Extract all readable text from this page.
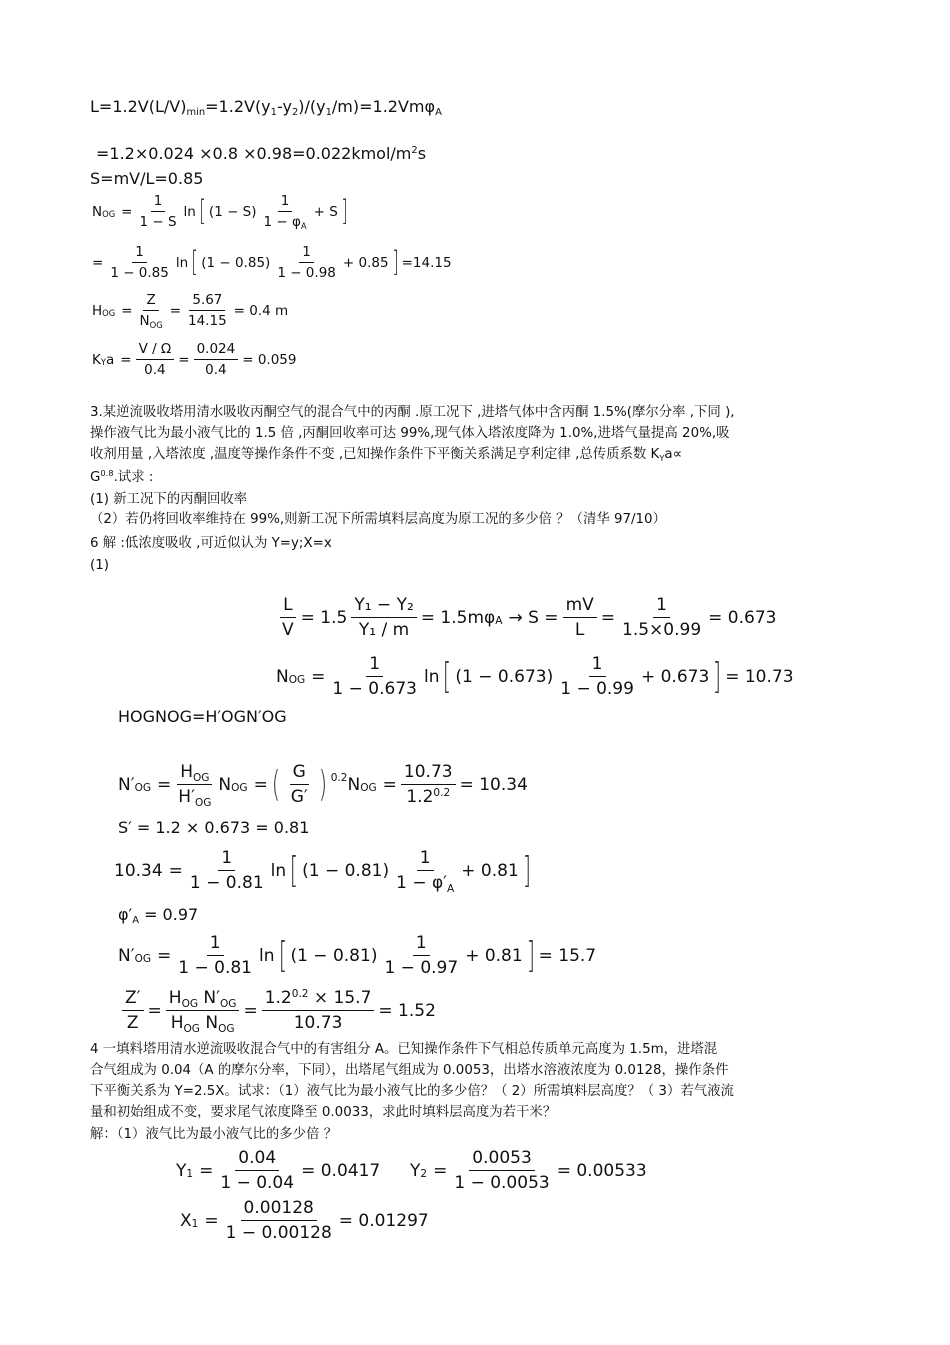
$L=1.2V(L/V)_{min}=1.2V(y_1-y_2)/(y_1/m)=1.2Vm\varphi_A$
$=1.2\times 0.024 \times 0.8 \times 0.98=0.022kmol/m^2s$
S=mV/L=0.85
N OG = $\frac{1}{1 - S}$ ln [ (1 − S ) $\frac{1}{1 - \varphi_A} + S$ ]
= $\frac{1}{1 - 0.85}$ ln [ (1 − 0.85 ) $\frac{1}{1 - 0.98} + 0.85$ ] =14.15
H OG = $\frac{Z}{N_{OG}} = \frac{5.67}{14.15} = 0.4$ m
K Y $a = \frac{V / \Omega}{0.4} = \frac{0.024}{0.4} = 0.059$
3.某逆流吸收塔用清水吸收丙酮空气的混合气中的丙酮 .原工况下 ,进塔气体中含丙酮 1.5%(摩尔分率 ,下同 ),
操作液气比为最小液气比的 1.5 倍 ,丙酮回收率可达 99%,现气体入塔浓度降为 1.0%,进塔气量提高 20%,吸
收剂用量 ,入塔浓度 ,温度等操作条件不变 ,已知操作条件下平衡关系满足亨利定律 ,总传质系数 $K_Ya\propto$
$G^{0.8}$.试求 :
(1) 新工况下的丙酮回收率
（2）若仍将回收率维持在 99%,则新工况下所需填料层高度为原工况的多少倍 ？（清华 97/10）
6 解 :低浓度吸收 ,可近似认为 Y=y;X=x
(1)
$\frac{L}{V} = 1.5 \frac{\text{Y₁ − Y₂}}{\text{Y₁ / m}} = 1.5m\varphi$ $A \to S = \frac{mV}{L} = \frac{1}{1.5\times 0.99} = 0.673$
N OG = $\frac{1}{1 - 0.673}$ ln [ (1 − 0.673 ) $\frac{1}{1 - 0.99} + 0.673$ ] = 10.73
HOGNOG=H′OGN′OG
N′ OG = $\frac{H_{OG}}{H'_{OG}}$ N OG = ( $\frac{G}{G'}$ ) 0.2 N OG = $\frac{10.73}{1.2^{0.2}} = 10.34$
S′ = 1.2 × 0.673 = 0.81
$10.34 = \frac{1}{1 - 0.81}$ ln [ (1 − 0.81 ) $\frac{1}{1 - \varphi'_A} + 0.81$ ]
$\varphi'_A = 0.97$
N′ OG = $\frac{1}{1 - 0.81}$ ln [ (1 − 0.81 ) $\frac{1}{1 - 0.97} + 0.81$ ] = 15.7
$\frac{Z'}{Z} = \frac{H_{OG} N'_{OG}}{H_{OG} N_{OG}} = \frac{1.2^{0.2} \times 15.7}{10.73} = 1.52$
4 一填料塔用清水逆流吸收混合气中的有害组分 A。已知操作条件下气相总传质单元高度为 1.5m，进塔混
合气组成为 0.04（A 的摩尔分率，下同），出塔尾气组成为 0.0053，出塔水溶液浓度为 0.0128，操作条件
下平衡关系为 Y=2.5X。试求：（1）液气比为最小液气比的多少倍？（ 2）所需填料层高度？（ 3）若气液流
量和初始组成不变，要求尾气浓度降至 0.0033，求此时填料层高度为若干米？
解：（1）液气比为最小液气比的多少倍 ？
Y $1 = \frac{0.04}{1 - 0.04} = 0.0417$ Y $2 = \frac{0.0053}{1 - 0.0053} = 0.00533$
X $1 = \frac{0.00128}{1 - 0.00128} = 0.01297$
